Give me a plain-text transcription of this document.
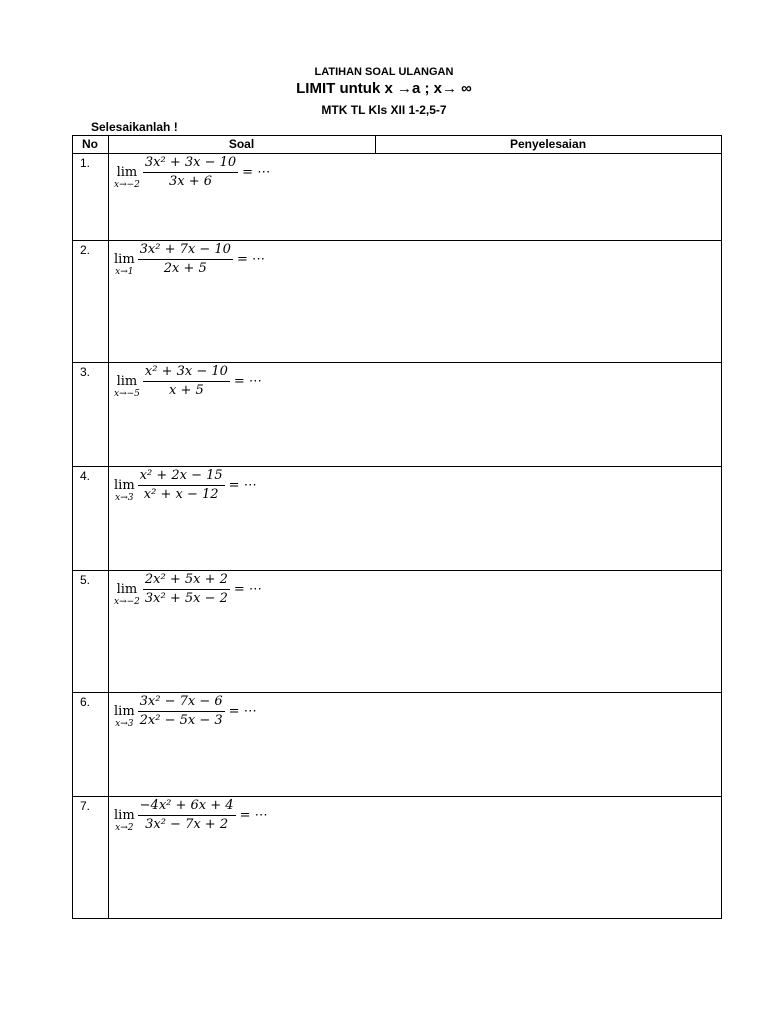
LATIHAN SOAL ULANGAN
LIMIT untuk x →a ; x→ ∞
MTK TL Kls XII 1-2,5-7
Selesaikanlah !
No	Soal	Penyelesaian
1.
lim
$x\to-2 \frac{\text{3x² + 3x − 10}}{3x + 6}$ = ⋯
2.
lim
$x\to 1 \frac{\text{3x² + 7x − 10}}{2x + 5}$ = ⋯
3.
lim
$x\to-5 \frac{\text{x² + 3x − 10}}{x + 5}$ = ⋯
4.
lim
$x\to 3 \frac{\text{x² + 2x − 15}}{\text{x² + x − 12}}$ = ⋯
5.
lim
$x\to-2 \frac{\text{2x² + 5x + 2}}{\text{3x² + 5x − 2}}$ = ⋯
6.
lim
$x\to 3 \frac{\text{3x² − 7x − 6}}{\text{2x² − 5x − 3}}$ = ⋯
7.
lim
$x\to 2 \frac{\text{−4x² + 6x + 4}}{\text{3x² − 7x + 2}}$ = ⋯
